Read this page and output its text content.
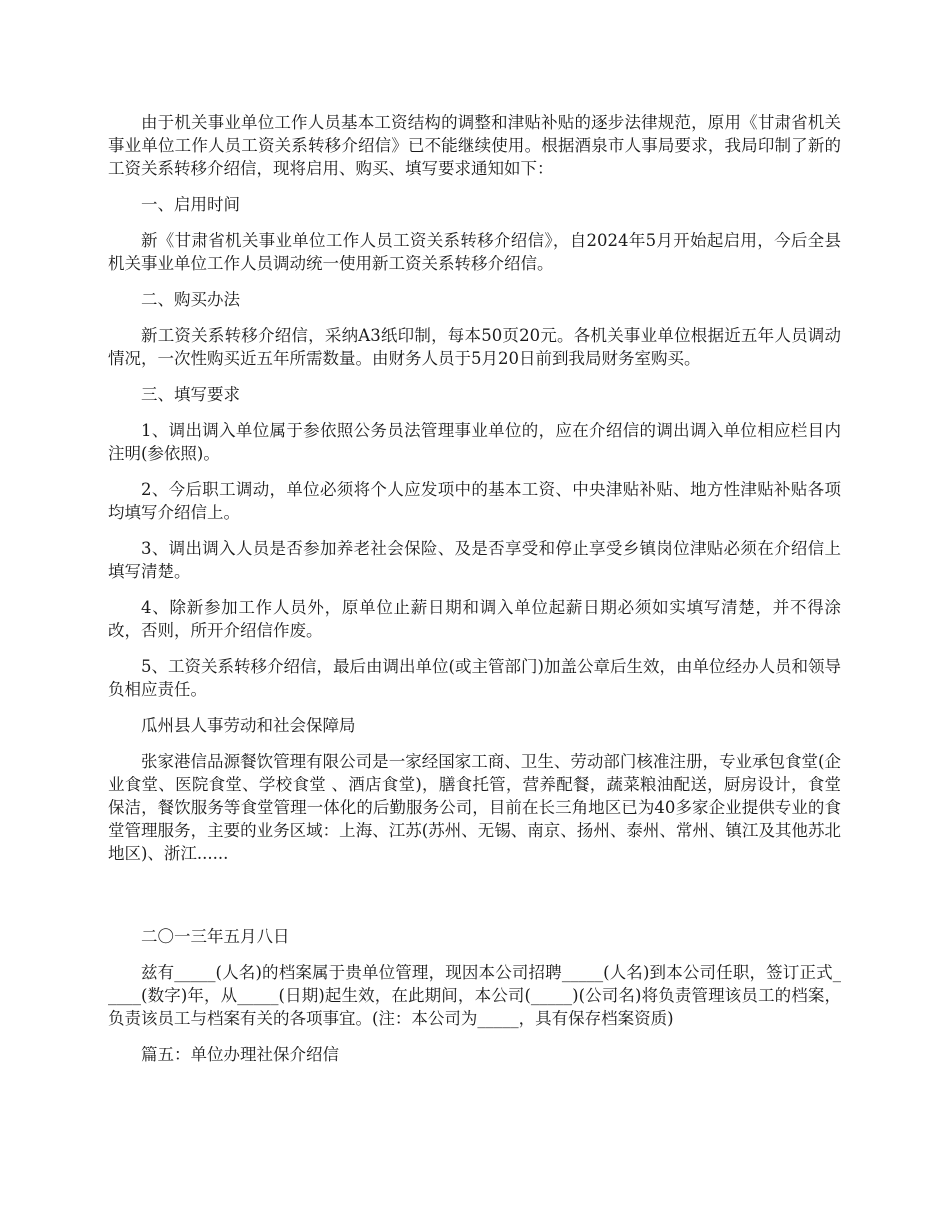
由于机关事业单位工作人员基本工资结构的调整和津贴补贴的逐步法律规范，原用《甘肃省机关事业单位工作人员工资关系转移介绍信》已不能继续使用。根据酒泉市人事局要求，我局印制了新的工资关系转移介绍信，现将启用、购买、填写要求通知如下：

一、启用时间

新《甘肃省机关事业单位工作人员工资关系转移介绍信》，自2024年5月开始起启用，今后全县机关事业单位工作人员调动统一使用新工资关系转移介绍信。

二、购买办法

新工资关系转移介绍信，采纳A3纸印制，每本50页20元。各机关事业单位根据近五年人员调动情况，一次性购买近五年所需数量。由财务人员于5月20日前到我局财务室购买。

三、填写要求

1、调出调入单位属于参依照公务员法管理事业单位的，应在介绍信的调出调入单位相应栏目内注明(参依照)。

2、今后职工调动，单位必须将个人应发项中的基本工资、中央津贴补贴、地方性津贴补贴各项均填写介绍信上。

3、调出调入人员是否参加养老社会保险、及是否享受和停止享受乡镇岗位津贴必须在介绍信上填写清楚。

4、除新参加工作人员外，原单位止薪日期和调入单位起薪日期必须如实填写清楚，并不得涂改，否则，所开介绍信作废。

5、工资关系转移介绍信，最后由调出单位(或主管部门)加盖公章后生效，由单位经办人员和领导负相应责任。

瓜州县人事劳动和社会保障局

张家港信品源餐饮管理有限公司是一家经国家工商、卫生、劳动部门核准注册，专业承包食堂(企业食堂、医院食堂、学校食堂 、酒店食堂)，膳食托管，营养配餐，蔬菜粮油配送，厨房设计，食堂保洁，餐饮服务等食堂管理一体化的后勤服务公司，目前在长三角地区已为40多家企业提供专业的食堂管理服务，主要的业务区域：上海、江苏(苏州、无锡、南京、扬州、泰州、常州、镇江及其他苏北地区)、浙江......

二〇一三年五月八日

兹有_____(人名)的档案属于贵单位管理，现因本公司招聘_____(人名)到本公司任职，签订正式_____(数字)年，从_____(日期)起生效，在此期间，本公司(_____)(公司名)将负责管理该员工的档案，负责该员工与档案有关的各项事宜。(注：本公司为_____，具有保存档案资质)

篇五：单位办理社保介绍信
